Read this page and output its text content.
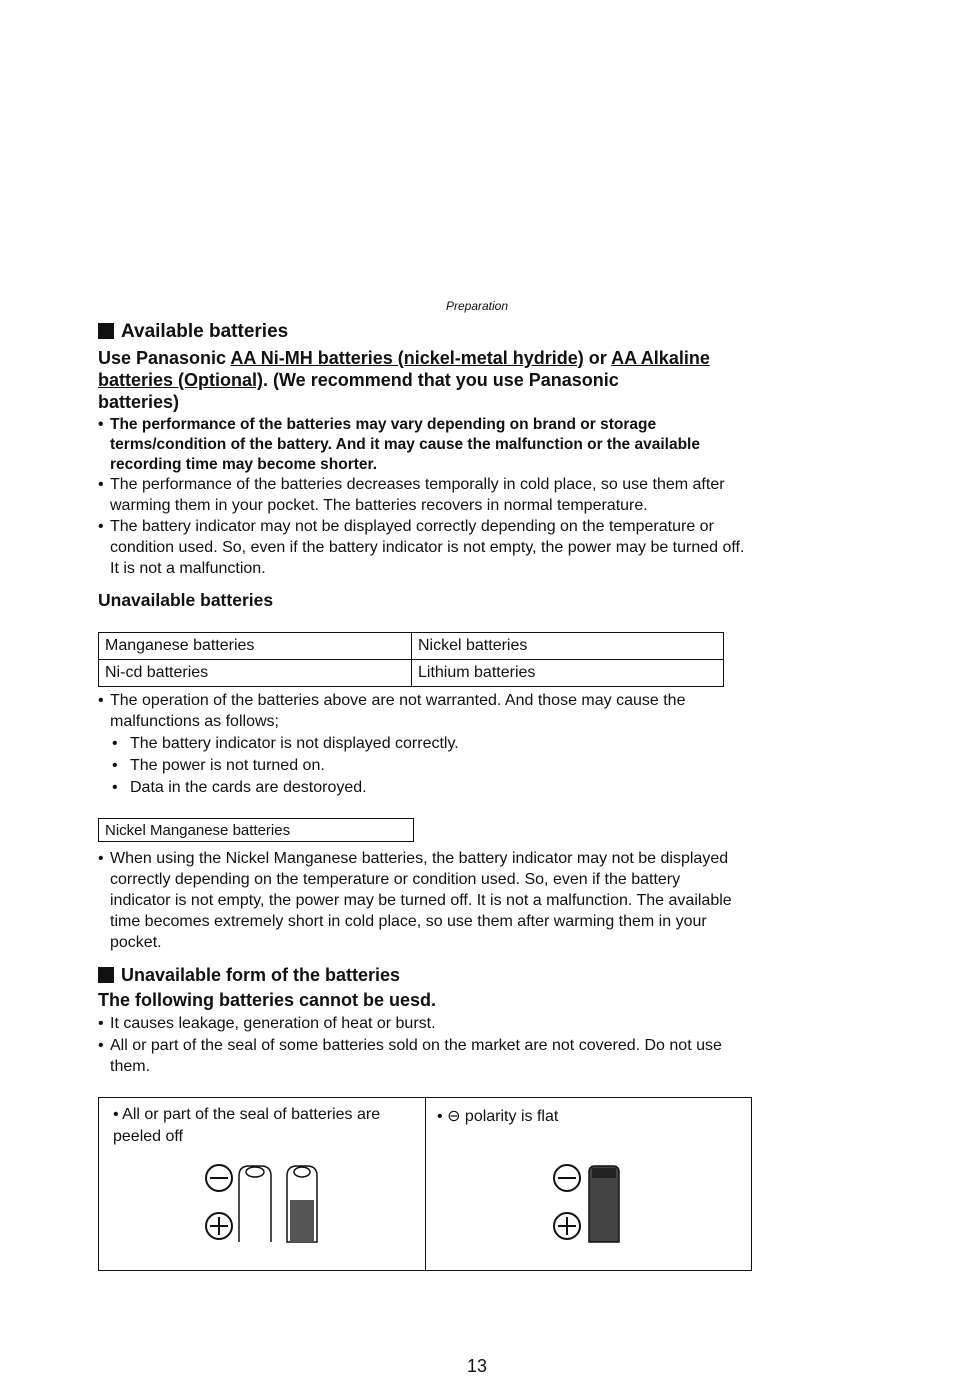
Preparation
Available batteries
Use Panasonic AA Ni-MH batteries (nickel-metal hydride) or AA Alkaline
batteries (Optional). (We recommend that you use Panasonic
batteries)
• The performance of the batteries may vary depending on brand or storage terms/condition of the battery. And it may cause the malfunction or the available recording time may become shorter.
• The performance of the batteries decreases temporally in cold place, so use them after warming them in your pocket. The batteries recovers in normal temperature.
• The battery indicator may not be displayed correctly depending on the temperature or condition used. So, even if the battery indicator is not empty, the power may be turned off. It is not a malfunction.
Unavailable batteries
Manganese batteries	Nickel batteries
Ni-cd batteries	Lithium batteries
• The operation of the batteries above are not warranted. And those may cause the malfunctions as follows;
• The battery indicator is not displayed correctly.
• The power is not turned on.
• Data in the cards are destoroyed.
Nickel Manganese batteries
• When using the Nickel Manganese batteries, the battery indicator may not be displayed correctly depending on the temperature or condition used. So, even if the battery indicator is not empty, the power may be turned off. It is not a malfunction. The available time becomes extremely short in cold place, so use them after warming them in your pocket.
Unavailable form of the batteries
The following batteries cannot be uesd.
• It causes leakage, generation of heat or burst.
• All or part of the seal of some batteries sold on the market are not covered. Do not use them.
• All or part of the seal of batteries are peeled off
• ⊖ polarity is flat
13
